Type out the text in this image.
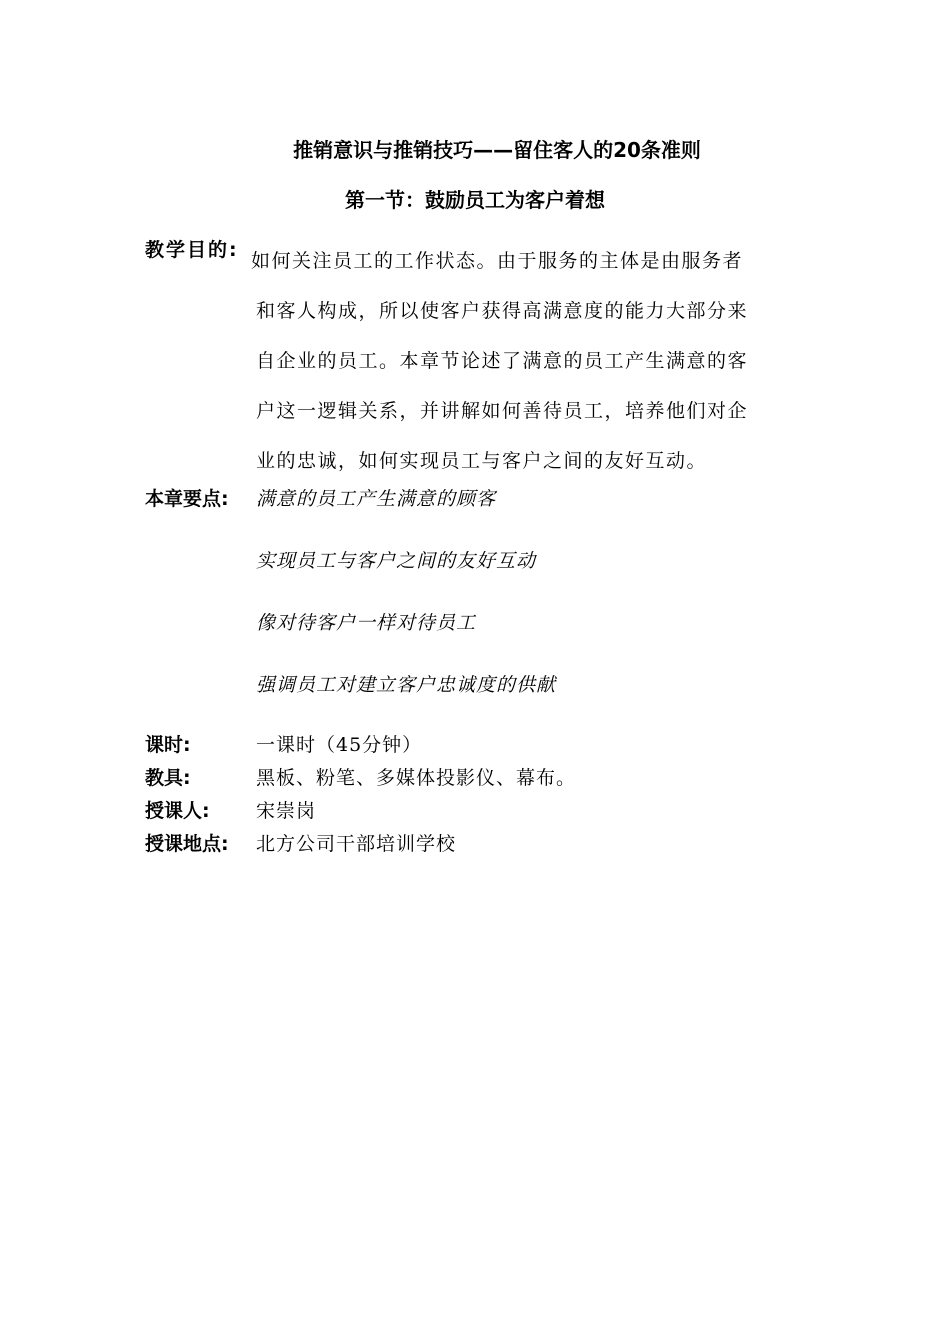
推销意识与推销技巧——留住客人的20条准则
第一节：鼓励员工为客户着想
教学目的: 如何关注员工的工作状态。由于服务的主体是由服务者
和客人构成，所以使客户获得高满意度的能力大部分来
自企业的员工。本章节论述了满意的员工产生满意的客
户这一逻辑关系，并讲解如何善待员工，培养他们对企
业的忠诚，如何实现员工与客户之间的友好互动。
本章要点: 满意的员工产生满意的顾客
实现员工与客户之间的友好互动
像对待客户一样对待员工
强调员工对建立客户忠诚度的供献
课时:	一课时（45分钟）
教具:	黑板、粉笔、多媒体投影仪、幕布。
授课人: 宋崇岗
授课地点: 北方公司干部培训学校
